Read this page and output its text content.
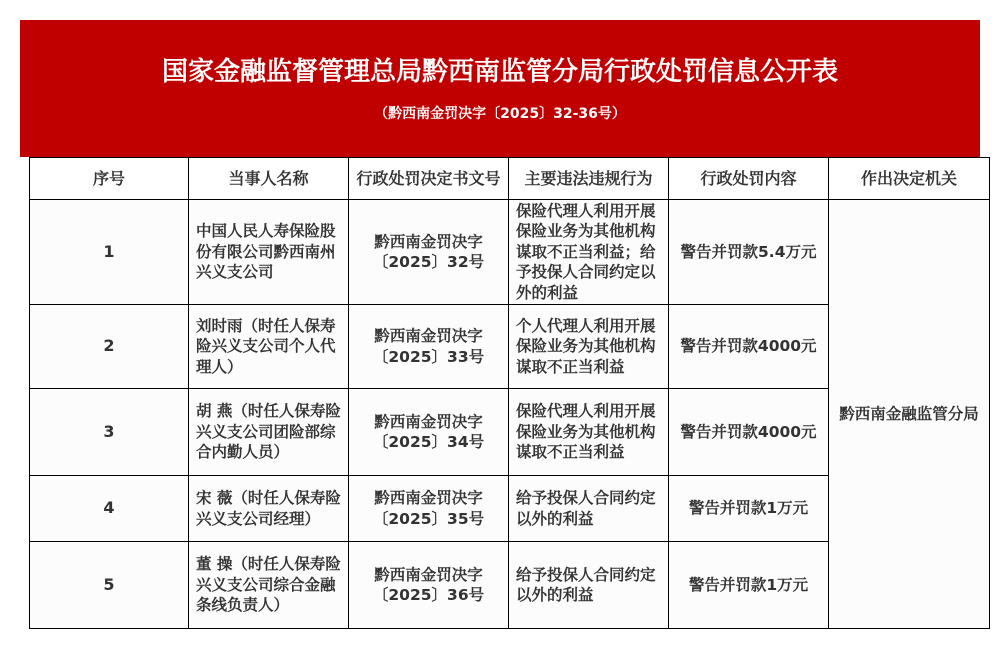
国家金融监督管理总局黔西南监管分局行政处罚信息公开表
（黔西南金罚决字〔2025〕32-36号）
序号	当事人名称	行政处罚决定书文号	主要违法违规行为	行政处罚内容	作出决定机关
1	中国人民人寿保险股份有限公司黔西南州兴义支公司	黔西南金罚决字〔2025〕32号	保险代理人利用开展保险业务为其他机构谋取不正当利益；给予投保人合同约定以外的利益	警告并罚款5.4万元	黔西南金融监管分局
2	刘时雨（时任人保寿险兴义支公司个人代理人）	黔西南金罚决字〔2025〕33号	个人代理人利用开展保险业务为其他机构谋取不正当利益	警告并罚款4000元	
3	胡 燕（时任人保寿险兴义支公司团险部综合内勤人员）	黔西南金罚决字〔2025〕34号	保险代理人利用开展保险业务为其他机构谋取不正当利益	警告并罚款4000元	
4	宋 薇（时任人保寿险兴义支公司经理）	黔西南金罚决字〔2025〕35号	给予投保人合同约定以外的利益	警告并罚款1万元	
5	董 操（时任人保寿险兴义支公司综合金融条线负责人）	黔西南金罚决字〔2025〕36号	给予投保人合同约定以外的利益	警告并罚款1万元	
